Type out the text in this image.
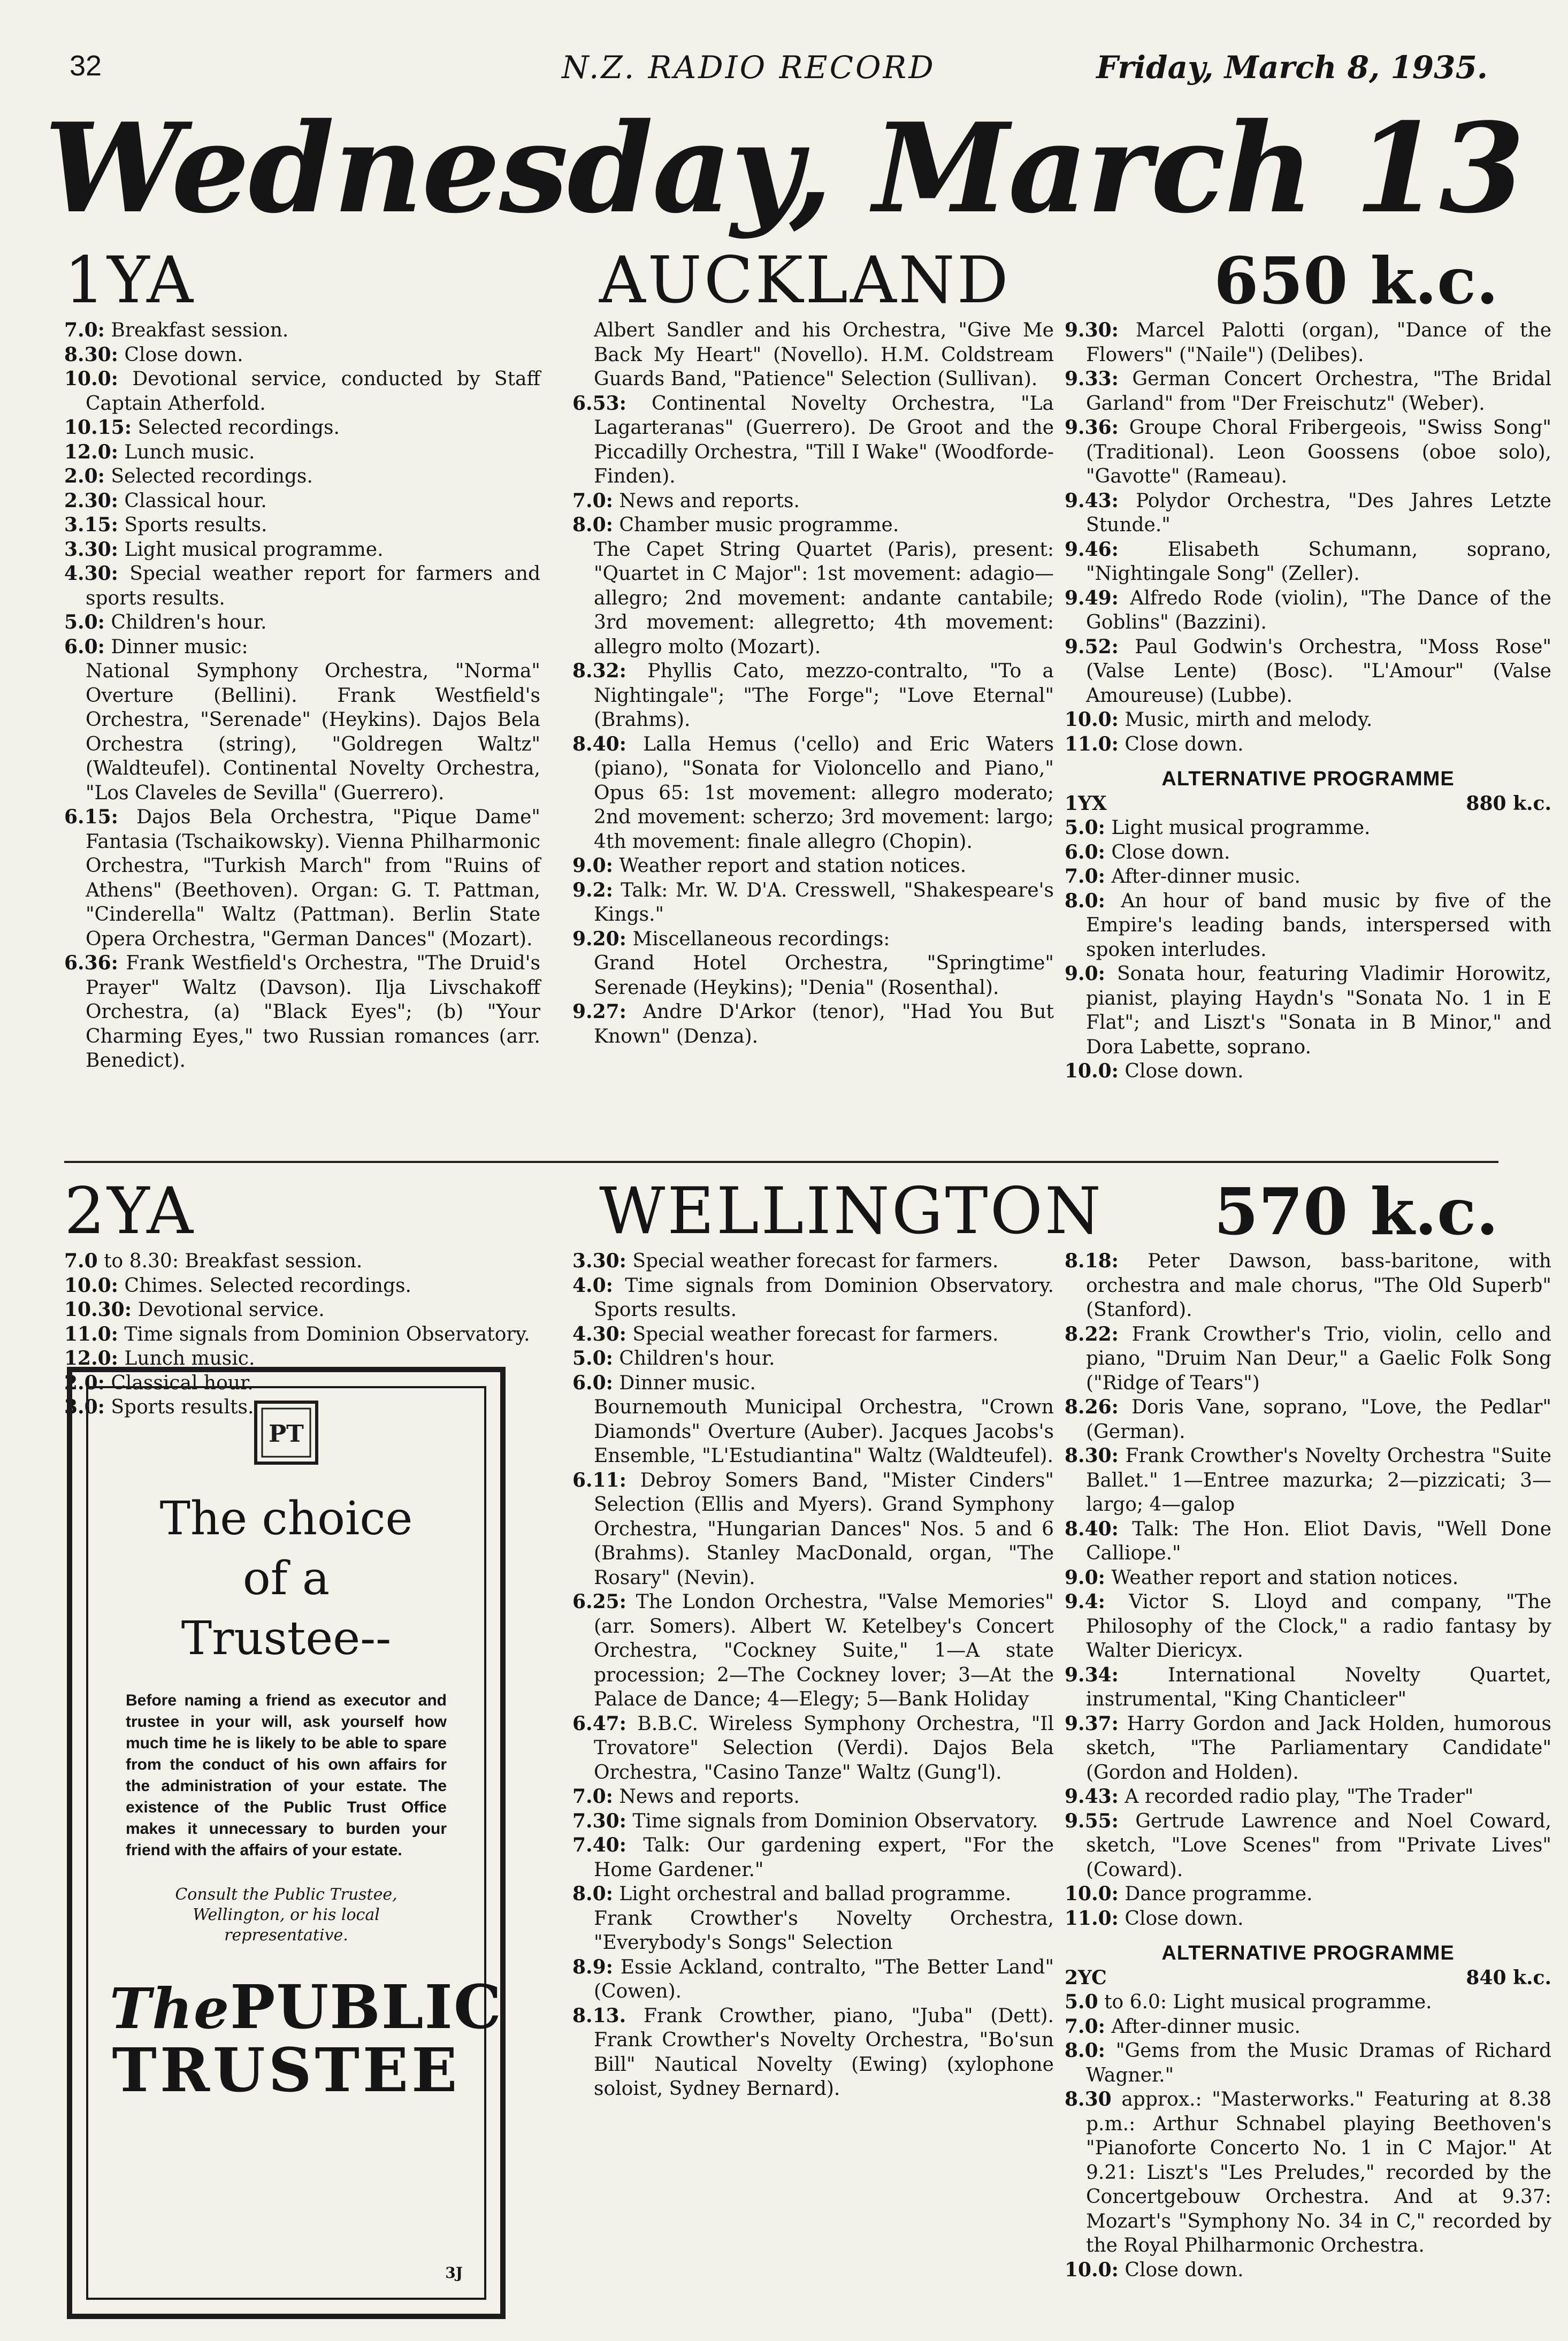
32	N.Z. RADIO RECORD	Friday, March 8, 1935.
Wednesday, March 13
1YA	AUCKLAND	650 k.c.

7.0: Breakfast session.

8.30: Close down.

10.0: Devotional service, conducted by Staff Captain Atherfold.

10.15: Selected recordings.

12.0: Lunch music.

2.0: Selected recordings.

2.30: Classical hour.

3.15: Sports results.

3.30: Light musical programme.

4.30: Special weather report for farmers and sports results.

5.0: Children's hour.

6.0: Dinner music:

National Symphony Orchestra, "Norma" Overture (Bellini). Frank Westfield's Orchestra, "Serenade" (Heykins). Dajos Bela Orchestra (string), "Goldregen Waltz" (Waldteufel). Continental Novelty Orchestra, "Los Claveles de Sevilla" (Guerrero).

6.15: Dajos Bela Orchestra, "Pique Dame" Fantasia (Tschaikowsky). Vienna Philharmonic Orchestra, "Turkish March" from "Ruins of Athens" (Beethoven). Organ: G. T. Pattman, "Cinderella" Waltz (Pattman). Berlin State Opera Orchestra, "German Dances" (Mozart).

6.36: Frank Westfield's Orchestra, "The Druid's Prayer" Waltz (Davson). Ilja Livschakoff Orchestra, (a) "Black Eyes"; (b) "Your Charming Eyes," two Russian romances (arr. Benedict).

Albert Sandler and his Orchestra, "Give Me Back My Heart" (Novello). H.M. Coldstream Guards Band, "Patience" Selection (Sullivan).

6.53: Continental Novelty Orchestra, "La Lagarteranas" (Guerrero). De Groot and the Piccadilly Orchestra, "Till I Wake" (Woodforde-Finden).

7.0: News and reports.

8.0: Chamber music programme.

The Capet String Quartet (Paris), present: "Quartet in C Major": 1st movement: adagio—allegro; 2nd movement: andante cantabile; 3rd movement: allegretto; 4th movement: allegro molto (Mozart).

8.32: Phyllis Cato, mezzo-contralto, "To a Nightingale"; "The Forge"; "Love Eternal" (Brahms).

8.40: Lalla Hemus ('cello) and Eric Waters (piano), "Sonata for Violoncello and Piano," Opus 65: 1st movement: allegro moderato; 2nd movement: scherzo; 3rd movement: largo; 4th movement: finale allegro (Chopin).

9.0: Weather report and station notices.

9.2: Talk: Mr. W. D'A. Cresswell, "Shakespeare's Kings."

9.20: Miscellaneous recordings:

Grand Hotel Orchestra, "Springtime" Serenade (Heykins); "Denia" (Rosenthal).

9.27: Andre D'Arkor (tenor), "Had You But Known" (Denza).

9.30: Marcel Palotti (organ), "Dance of the Flowers" ("Naile") (Delibes).

9.33: German Concert Orchestra, "The Bridal Garland" from "Der Freischutz" (Weber).

9.36: Groupe Choral Fribergeois, "Swiss Song" (Traditional). Leon Goossens (oboe solo), "Gavotte" (Rameau).

9.43: Polydor Orchestra, "Des Jahres Letzte Stunde."

9.46: Elisabeth Schumann, soprano, "Nightingale Song" (Zeller).

9.49: Alfredo Rode (violin), "The Dance of the Goblins" (Bazzini).

9.52: Paul Godwin's Orchestra, "Moss Rose" (Valse Lente) (Bosc). "L'Amour" (Valse Amoureuse) (Lubbe).

10.0: Music, mirth and melody.

11.0: Close down.

ALTERNATIVE PROGRAMME
1YX	880 k.c.

5.0: Light musical programme.

6.0: Close down.

7.0: After-dinner music.

8.0: An hour of band music by five of the Empire's leading bands, interspersed with spoken interludes.

9.0: Sonata hour, featuring Vladimir Horowitz, pianist, playing Haydn's "Sonata No. 1 in E Flat"; and Liszt's "Sonata in B Minor," and Dora Labette, soprano.

10.0: Close down.

2YA	WELLINGTON 570 k.c.

7.0 to 8.30: Breakfast session.

10.0: Chimes. Selected recordings.

10.30: Devotional service.

11.0: Time signals from Dominion Observatory.

12.0: Lunch music.

2.0: Classical hour.

3.0: Sports results.

3.30: Special weather forecast for farmers.

4.0: Time signals from Dominion Observatory. Sports results.

4.30: Special weather forecast for farmers.

5.0: Children's hour.

6.0: Dinner music.

Bournemouth Municipal Orchestra, "Crown Diamonds" Overture (Auber). Jacques Jacobs's Ensemble, "L'Estudiantina" Waltz (Waldteufel).

6.11: Debroy Somers Band, "Mister Cinders" Selection (Ellis and Myers). Grand Symphony Orchestra, "Hungarian Dances" Nos. 5 and 6 (Brahms). Stanley MacDonald, organ, "The Rosary" (Nevin).

6.25: The London Orchestra, "Valse Memories" (arr. Somers). Albert W. Ketelbey's Concert Orchestra, "Cockney Suite," 1—A state procession; 2—The Cockney lover; 3—At the Palace de Dance; 4—Elegy; 5—Bank Holiday

6.47: B.B.C. Wireless Symphony Orchestra, "Il Trovatore" Selection (Verdi). Dajos Bela Orchestra, "Casino Tanze" Waltz (Gung'l).

7.0: News and reports.

7.30: Time signals from Dominion Observatory.

7.40: Talk: Our gardening expert, "For the Home Gardener."

8.0: Light orchestral and ballad programme.

Frank Crowther's Novelty Orchestra, "Everybody's Songs" Selection

8.9: Essie Ackland, contralto, "The Better Land" (Cowen).

8.13. Frank Crowther, piano, "Juba" (Dett). Frank Crowther's Novelty Orchestra, "Bo'sun Bill" Nautical Novelty (Ewing) (xylophone soloist, Sydney Bernard).

8.18: Peter Dawson, bass-baritone, with orchestra and male chorus, "The Old Superb" (Stanford).

8.22: Frank Crowther's Trio, violin, cello and piano, "Druim Nan Deur," a Gaelic Folk Song ("Ridge of Tears")

8.26: Doris Vane, soprano, "Love, the Pedlar" (German).

8.30: Frank Crowther's Novelty Orchestra "Suite Ballet." 1—Entree mazurka; 2—pizzicati; 3—largo; 4—galop

8.40: Talk: The Hon. Eliot Davis, "Well Done Calliope."

9.0: Weather report and station notices.

9.4: Victor S. Lloyd and company, "The Philosophy of the Clock," a radio fantasy by Walter Diericyx.

9.34: International Novelty Quartet, instrumental, "King Chanticleer"

9.37: Harry Gordon and Jack Holden, humorous sketch, "The Parliamentary Candidate" (Gordon and Holden).

9.43: A recorded radio play, "The Trader"

9.55: Gertrude Lawrence and Noel Coward, sketch, "Love Scenes" from "Private Lives" (Coward).

10.0: Dance programme.

11.0: Close down.

ALTERNATIVE PROGRAMME
2YC	840 k.c.

5.0 to 6.0: Light musical programme.

7.0: After-dinner music.

8.0: "Gems from the Music Dramas of Richard Wagner."

8.30 approx.: "Masterworks." Featuring at 8.38 p.m.: Arthur Schnabel playing Beethoven's "Pianoforte Concerto No. 1 in C Major." At 9.21: Liszt's "Les Preludes," recorded by the Concertgebouw Orchestra. And at 9.37: Mozart's "Symphony No. 34 in C," recorded by the Royal Philharmonic Orchestra.

10.0: Close down.

PT
The choice
of a
Trustee--
Before naming a friend as executor and trustee in your will, ask yourself how much time he is likely to be able to spare from the conduct of his own affairs for the administration of your estate. The existence of the Public Trust Office makes it unnecessary to burden your friend with the affairs of your estate.
Consult the Public Trustee, Wellington, or his local representative.
ThePUBLIC
TRUSTEE
3J
